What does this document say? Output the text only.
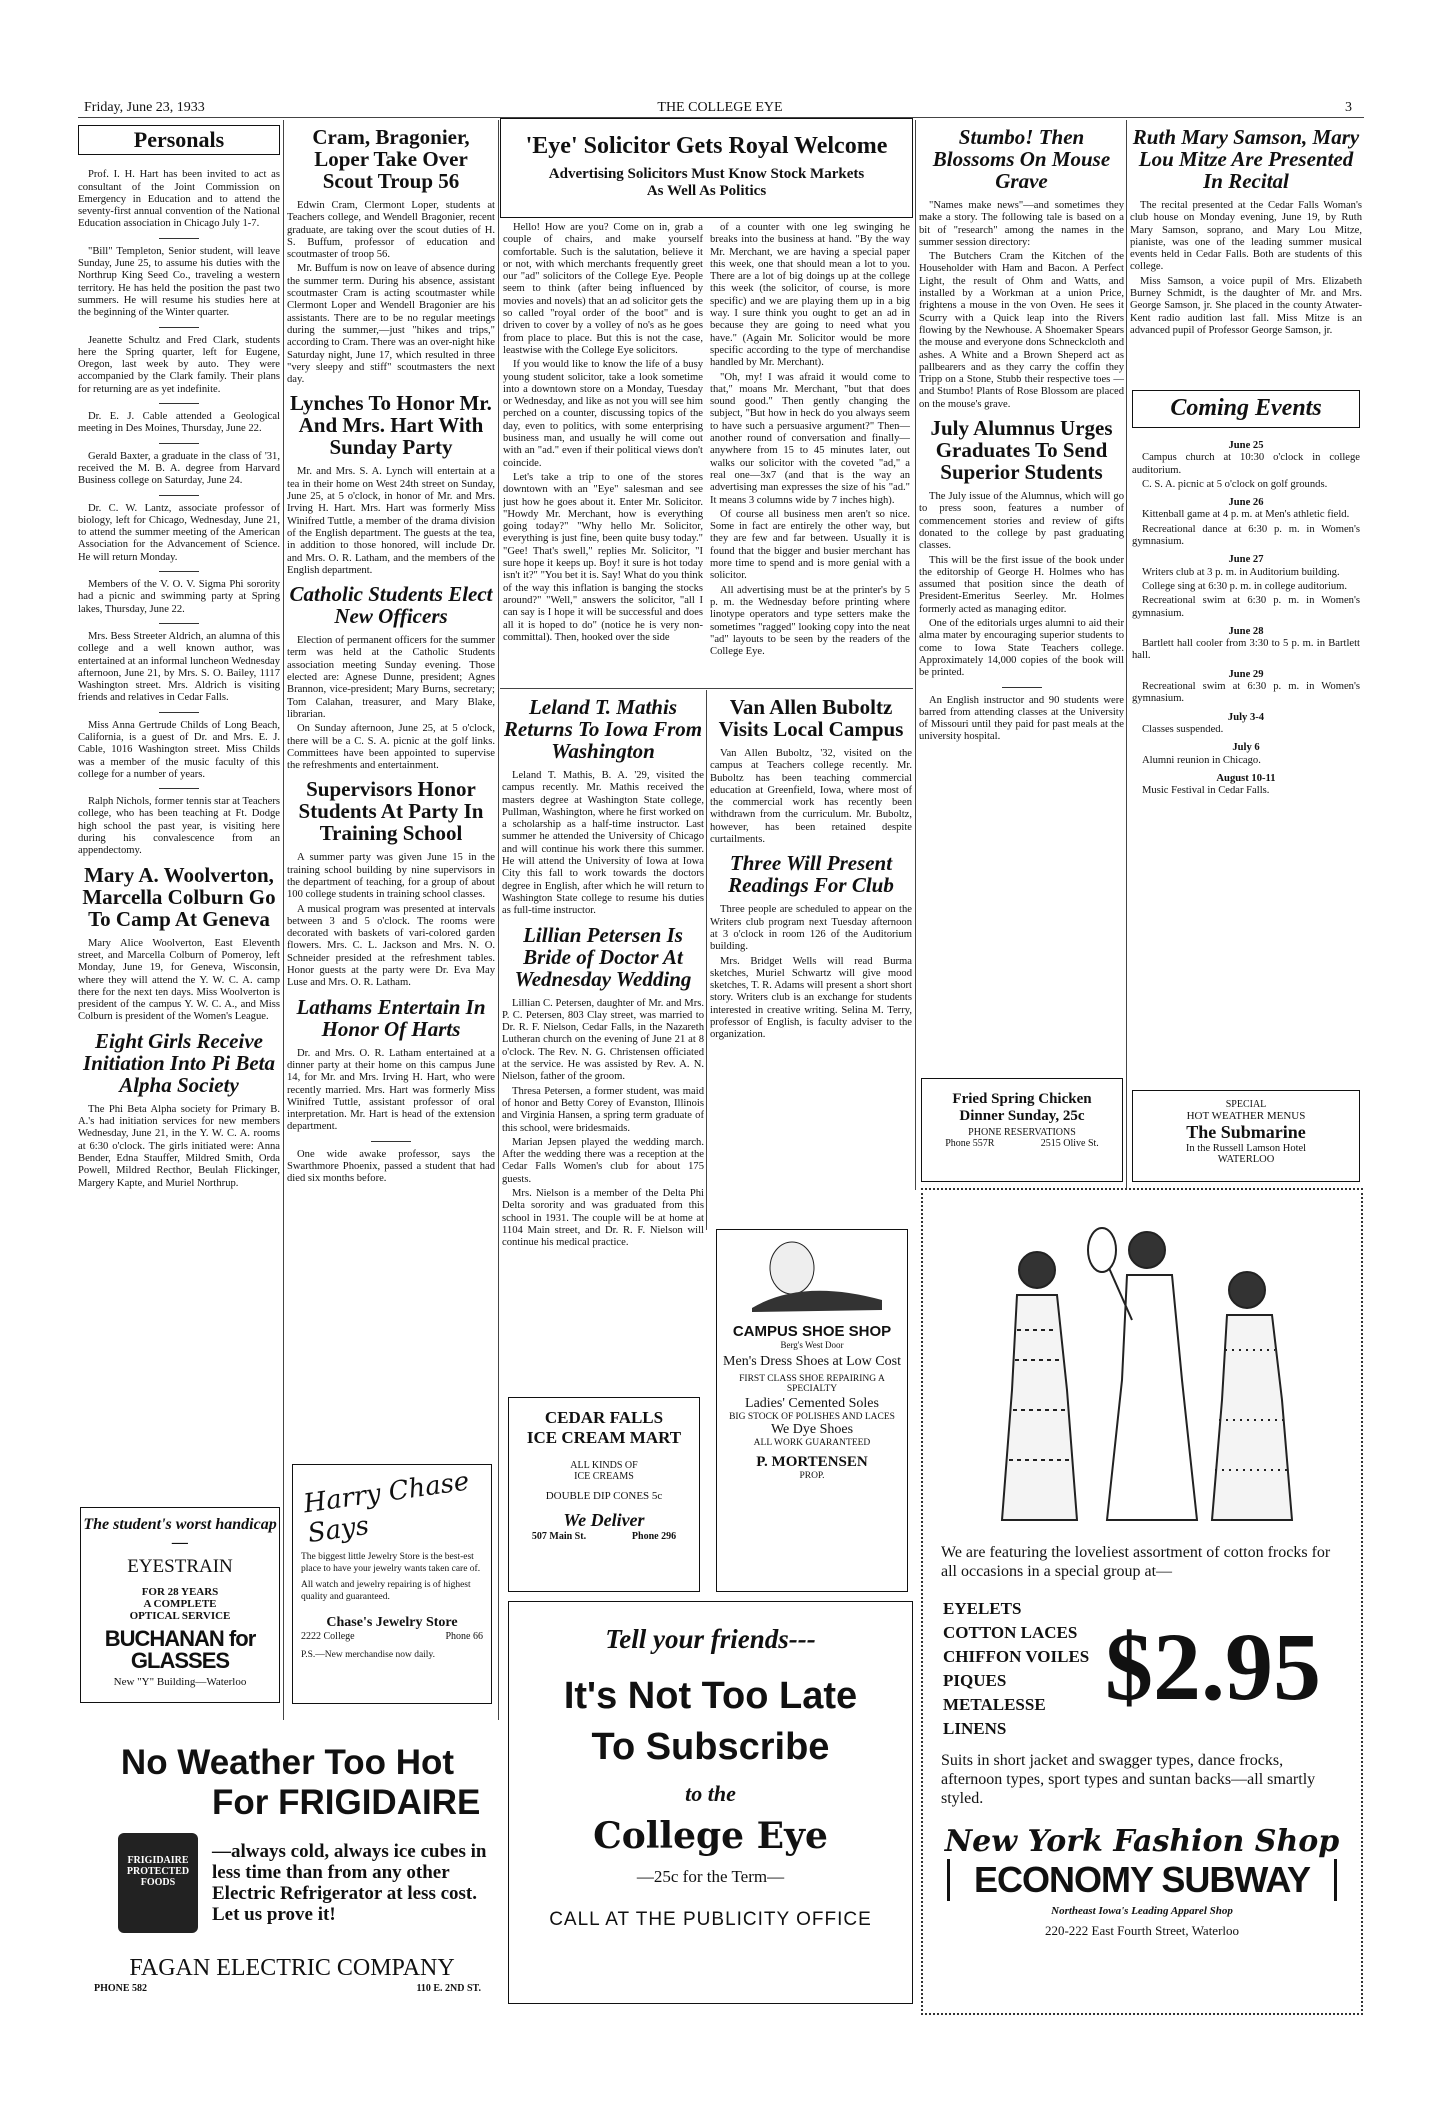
Friday, June 23, 1933	THE COLLEGE EYE	3
Personals

Prof. I. H. Hart has been invited to act as consultant of the Joint Commission on Emergency in Education and to attend the seventy-first annual convention of the National Education association in Chicago July 1-7.

"Bill" Templeton, Senior student, will leave Sunday, June 25, to assume his duties with the Northrup King Seed Co., traveling a western territory. He has held the position the past two summers. He will resume his studies here at the beginning of the Winter quarter.

Jeanette Schultz and Fred Clark, students here the Spring quarter, left for Eugene, Oregon, last week by auto. They were accompanied by the Clark family. Their plans for returning are as yet indefinite.

Dr. E. J. Cable attended a Geological meeting in Des Moines, Thursday, June 22.

Gerald Baxter, a graduate in the class of '31, received the M. B. A. degree from Harvard Business college on Saturday, June 24.

Dr. C. W. Lantz, associate professor of biology, left for Chicago, Wednesday, June 21, to attend the summer meeting of the American Association for the Advancement of Science. He will return Monday.

Members of the V. O. V. Sigma Phi sorority had a picnic and swimming party at Spring lakes, Thursday, June 22.

Mrs. Bess Streeter Aldrich, an alumna of this college and a well known author, was entertained at an informal luncheon Wednesday afternoon, June 21, by Mrs. S. O. Bailey, 1117 Washington street. Mrs. Aldrich is visiting friends and relatives in Cedar Falls.

Miss Anna Gertrude Childs of Long Beach, California, is a guest of Dr. and Mrs. E. J. Cable, 1016 Washington street. Miss Childs was a member of the music faculty of this college for a number of years.

Ralph Nichols, former tennis star at Teachers college, who has been teaching at Ft. Dodge high school the past year, is visiting here during his convalescence from an appendectomy.

Mary A. Woolverton, Marcella Colburn Go To Camp At Geneva

Mary Alice Woolverton, East Eleventh street, and Marcella Colburn of Pomeroy, left Monday, June 19, for Geneva, Wisconsin, where they will attend the Y. W. C. A. camp there for the next ten days. Miss Woolverton is president of the campus Y. W. C. A., and Miss Colburn is president of the Women's League.

Eight Girls Receive Initiation Into Pi Beta Alpha Society

The Phi Beta Alpha society for Primary B. A.'s had initiation services for new members Wednesday, June 21, in the Y. W. C. A. rooms at 6:30 o'clock. The girls initiated were: Anna Bender, Edna Stauffer, Mildred Smith, Orda Powell, Mildred Recthor, Beulah Flickinger, Margery Kapte, and Muriel Northrup.

Cram, Bragonier, Loper Take Over Scout Troup 56

Edwin Cram, Clermont Loper, students at Teachers college, and Wendell Bragonier, recent graduate, are taking over the scout duties of H. S. Buffum, professor of education and scoutmaster of troop 56.

Mr. Buffum is now on leave of absence during the summer term. During his absence, assistant scoutmaster Cram is acting scoutmaster while Clermont Loper and Wendell Bragonier are his assistants. There are to be no regular meetings during the summer,—just "hikes and trips," according to Cram. There was an over-night hike Saturday night, June 17, which resulted in three "very sleepy and stiff" scoutmasters the next day.

Lynches To Honor Mr. And Mrs. Hart With Sunday Party

Mr. and Mrs. S. A. Lynch will entertain at a tea in their home on West 24th street on Sunday, June 25, at 5 o'clock, in honor of Mr. and Mrs. Irving H. Hart. Mrs. Hart was formerly Miss Winifred Tuttle, a member of the drama division of the English department. The guests at the tea, in addition to those honored, will include Dr. and Mrs. O. R. Latham, and the members of the English department.

Catholic Students Elect New Officers

Election of permanent officers for the summer term was held at the Catholic Students association meeting Sunday evening. Those elected are: Agnese Dunne, president; Agnes Brannon, vice-president; Mary Burns, secretary; Tom Calahan, treasurer, and Mary Blake, librarian.

On Sunday afternoon, June 25, at 5 o'clock, there will be a C. S. A. picnic at the golf links. Committees have been appointed to supervise the refreshments and entertainment.

Supervisors Honor Students At Party In Training School

A summer party was given June 15 in the training school building by nine supervisors in the department of teaching, for a group of about 100 college students in training school classes.

A musical program was presented at intervals between 3 and 5 o'clock. The rooms were decorated with baskets of vari-colored garden flowers. Mrs. C. L. Jackson and Mrs. N. O. Schneider presided at the refreshment tables. Honor guests at the party were Dr. Eva May Luse and Mrs. O. R. Latham.

Lathams Entertain In Honor Of Harts

Dr. and Mrs. O. R. Latham entertained at a dinner party at their home on this campus June 14, for Mr. and Mrs. Irving H. Hart, who were recently married. Mrs. Hart was formerly Miss Winifred Tuttle, assistant professor of oral interpretation. Mr. Hart is head of the extension department.

One wide awake professor, says the Swarthmore Phoenix, passed a student that had died six months before.

'Eye' Solicitor Gets Royal Welcome
Advertising Solicitors Must Know Stock Markets As Well As Politics

Hello! How are you? Come on in, grab a couple of chairs, and make yourself comfortable. Such is the salutation, believe it or not, with which merchants frequently greet our "ad" solicitors of the College Eye. People seem to think (after being influenced by movies and novels) that an ad solicitor gets the so called "royal order of the boot" and is driven to cover by a volley of no's as he goes from place to place. But this is not the case, leastwise with the College Eye solicitors.

If you would like to know the life of a busy young student solicitor, take a look sometime into a downtown store on a Monday, Tuesday or Wednesday, and like as not you will see him perched on a counter, discussing topics of the day, even to politics, with some enterprising business man, and usually he will come out with an "ad." even if their political views don't coincide.

Let's take a trip to one of the stores downtown with an "Eye" salesman and see just how he goes about it. Enter Mr. Solicitor. "Howdy Mr. Merchant, how is everything going today?" "Why hello Mr. Solicitor, everything is just fine, been quite busy today." "Gee! That's swell," replies Mr. Solicitor, "I sure hope it keeps up. Boy! it sure is hot today isn't it?" "You bet it is. Say! What do you think of the way this inflation is banging the stocks around?" "Well," answers the solicitor, "all I can say is I hope it will be successful and does all it is hoped to do" (notice he is very non-committal). Then, hooked over the side

of a counter with one leg swinging he breaks into the business at hand. "By the way Mr. Merchant, we are having a special paper this week, one that should mean a lot to you. There are a lot of big doings up at the college this week (the solicitor, of course, is more specific) and we are playing them up in a big way. I sure think you ought to get an ad in because they are going to need what you have." (Again Mr. Solicitor would be more specific according to the type of merchandise handled by Mr. Merchant).

"Oh, my! I was afraid it would come to that," moans Mr. Merchant, "but that does sound good." Then gently changing the subject, "But how in heck do you always seem to have such a persuasive argument?" Then—another round of conversation and finally—anywhere from 15 to 45 minutes later, out walks our solicitor with the coveted "ad," a real one—3x7 (and that is the way an advertising man expresses the size of his "ad." It means 3 columns wide by 7 inches high).

Of course all business men aren't so nice. Some in fact are entirely the other way, but they are few and far between. Usually it is found that the bigger and busier merchant has more time to spend and is more genial with a solicitor.

All advertising must be at the printer's by 5 p. m. the Wednesday before printing where linotype operators and type setters make the sometimes "ragged" looking copy into the neat "ad" layouts to be seen by the readers of the College Eye.

Leland T. Mathis Returns To Iowa From Washington

Leland T. Mathis, B. A. '29, visited the campus recently. Mr. Mathis received the masters degree at Washington State college, Pullman, Washington, where he first worked on a scholarship as a half-time instructor. Last summer he attended the University of Chicago and will continue his work there this summer. He will attend the University of Iowa at Iowa City this fall to work towards the doctors degree in English, after which he will return to Washington State college to resume his duties as full-time instructor.

Lillian Petersen Is Bride of Doctor At Wednesday Wedding

Lillian C. Petersen, daughter of Mr. and Mrs. P. C. Petersen, 803 Clay street, was married to Dr. R. F. Nielson, Cedar Falls, in the Nazareth Lutheran church on the evening of June 21 at 8 o'clock. The Rev. N. G. Christensen officiated at the service. He was assisted by Rev. A. N. Nielson, father of the groom.

Thresa Petersen, a former student, was maid of honor and Betty Corey of Evanston, Illinois and Virginia Hansen, a spring term graduate of this school, were bridesmaids.

Marian Jepsen played the wedding march. After the wedding there was a reception at the Cedar Falls Women's club for about 175 guests.

Mrs. Nielson is a member of the Delta Phi Delta sorority and was graduated from this school in 1931. The couple will be at home at 1104 Main street, and Dr. R. F. Nielson will continue his medical practice.

Van Allen Buboltz Visits Local Campus

Van Allen Buboltz, '32, visited on the campus at Teachers college recently. Mr. Buboltz has been teaching commercial education at Greenfield, Iowa, where most of the commercial work has recently been withdrawn from the curriculum. Mr. Buboltz, however, has been retained despite curtailments.

Three Will Present Readings For Club

Three people are scheduled to appear on the Writers club program next Tuesday afternoon at 3 o'clock in room 126 of the Auditorium building.

Mrs. Bridget Wells will read Burma sketches, Muriel Schwartz will give mood sketches, T. R. Adams will present a short short story. Writers club is an exchange for students interested in creative writing. Selina M. Terry, professor of English, is faculty adviser to the organization.

Stumbo! Then Blossoms On Mouse Grave

"Names make news"—and sometimes they make a story. The following tale is based on a bit of "research" among the names in the summer session directory:

The Butchers Cram the Kitchen of the Householder with Ham and Bacon. A Perfect Light, the result of Ohm and Watts, and installed by a Workman at a union Price, frightens a mouse in the von Oven. He sees it Scurry with a Quick leap into the Rivers flowing by the Newhouse. A Shoemaker Spears the mouse and everyone dons Schneckcloth and ashes. A White and a Brown Sheperd act as pallbearers and as they carry the coffin they Tripp on a Stone, Stubb their respective toes — and Stumbo! Plants of Rose Blossom are placed on the mouse's grave.

July Alumnus Urges Graduates To Send Superior Students

The July issue of the Alumnus, which will go to press soon, features a number of commencement stories and review of gifts donated to the college by past graduating classes.

This will be the first issue of the book under the editorship of George H. Holmes who has assumed that position since the death of President-Emeritus Seerley. Mr. Holmes formerly acted as managing editor.

One of the editorials urges alumni to aid their alma mater by encouraging superior students to come to Iowa State Teachers college. Approximately 14,000 copies of the book will be printed.

An English instructor and 90 students were barred from attending classes at the University of Missouri until they paid for past meals at the university hospital.

Ruth Mary Samson, Mary Lou Mitze Are Presented In Recital

The recital presented at the Cedar Falls Woman's club house on Monday evening, June 19, by Ruth Mary Samson, soprano, and Mary Lou Mitze, pianiste, was one of the leading summer musical events held in Cedar Falls. Both are students of this college.

Miss Samson, a voice pupil of Mrs. Elizabeth Burney Schmidt, is the daughter of Mr. and Mrs. George Samson, jr. She placed in the county Atwater-Kent radio audition last fall. Miss Mitze is an advanced pupil of Professor George Samson, jr.

Coming Events
June 25

Campus church at 10:30 o'clock in college auditorium.

C. S. A. picnic at 5 o'clock on golf grounds.

June 26

Kittenball game at 4 p. m. at Men's athletic field.

Recreational dance at 6:30 p. m. in Women's gymnasium.

June 27

Writers club at 3 p. m. in Auditorium building.

College sing at 6:30 p. m. in college auditorium.

Recreational swim at 6:30 p. m. in Women's gymnasium.

June 28

Bartlett hall cooler from 3:30 to 5 p. m. in Bartlett hall.

June 29

Recreational swim at 6:30 p. m. in Women's gymnasium.

July 3-4

Classes suspended.

July 6

Alumni reunion in Chicago.

August 10-11

Music Festival in Cedar Falls.

The student's worst handicap—
EYESTRAIN
FOR 28 YEARS
A COMPLETE
OPTICAL SERVICE
BUCHANAN for GLASSES
New "Y" Building—Waterloo
Harry Chase Says
The biggest little Jewelry Store is the best-est place to have your jewelry wants taken care of.
All watch and jewelry repairing is of highest quality and guaranteed.
Chase's Jewelry Store
2222 College	Phone 66
P.S.—New merchandise now daily.
CEDAR FALLS
ICE CREAM MART
ALL KINDS OF
ICE CREAMS
DOUBLE DIP CONES 5c
We Deliver
507 Main St.	Phone 296
CAMPUS SHOE SHOP
Berg's West Door
Men's Dress Shoes at Low Cost
FIRST CLASS SHOE REPAIRING A SPECIALTY
Ladies' Cemented Soles
BIG STOCK OF POLISHES AND LACES
We Dye Shoes
ALL WORK GUARANTEED
P. MORTENSEN
PROP.
Fried Spring Chicken
Dinner Sunday, 25c
PHONE RESERVATIONS
Phone 557R	2515 Olive St.
SPECIAL
HOT WEATHER MENUS
The Submarine
In the Russell Lamson Hotel
WATERLOO
Tell your friends---
It's Not Too Late
To Subscribe
to the
College Eye
—25c for the Term—
CALL AT THE PUBLICITY OFFICE
No Weather Too Hot
For FRIGIDAIRE
FRIGIDAIRE PROTECTED FOODS
—always cold, always ice cubes in less time than from any other Electric Refrigerator at less cost. Let us prove it!
FAGAN ELECTRIC COMPANY
PHONE 582	110 E. 2ND ST.
We are featuring the loveliest assortment of cotton frocks for all occasions in a special group at—
EYELETS
COTTON LACES
CHIFFON VOILES
PIQUES
METALESSE
LINENS
$2.95
Suits in short jacket and swagger types, dance frocks, afternoon types, sport types and suntan backs—all smartly styled.
New York Fashion Shop
ECONOMY SUBWAY
Northeast Iowa's Leading Apparel Shop
220-222 East Fourth Street, Waterloo
